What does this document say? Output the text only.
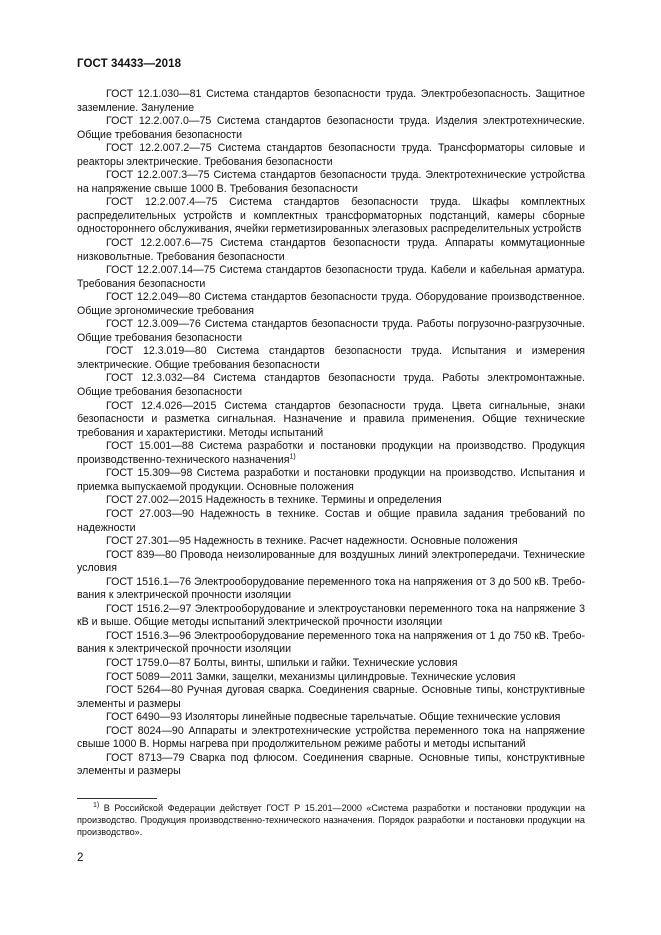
ГОСТ 34433—2018
ГОСТ 12.1.030—81 Система стандартов безопасности труда. Электробезопасность. Защитное заземление. Зануление
ГОСТ 12.2.007.0—75 Система стандартов безопасности труда. Изделия электротехнические. Общие требования безопасности
ГОСТ 12.2.007.2—75 Система стандартов безопасности труда. Трансформаторы силовые и реакторы электрические. Требования безопасности
ГОСТ 12.2.007.3—75 Система стандартов безопасности труда. Электротехнические устройства на напряжение свыше 1000 В. Требования безопасности
ГОСТ 12.2.007.4—75 Система стандартов безопасности труда. Шкафы комплектных распределительных устройств и комплектных трансформаторных подстанций, камеры сборные одностороннего обслуживания, ячейки герметизированных элегазовых распределительных устройств
ГОСТ 12.2.007.6—75 Система стандартов безопасности труда. Аппараты коммутационные низковольтные. Требования безопасности
ГОСТ 12.2.007.14—75 Система стандартов безопасности труда. Кабели и кабельная арматура. Требования безопасности
ГОСТ 12.2.049—80 Система стандартов безопасности труда. Оборудование производственное. Общие эргономические требования
ГОСТ 12.3.009—76 Система стандартов безопасности труда. Работы погрузочно-разгрузочные. Общие требования безопасности
ГОСТ 12.3.019—80 Система стандартов безопасности труда. Испытания и измерения электрические. Общие требования безопасности
ГОСТ 12.3.032—84 Система стандартов безопасности труда. Работы электромонтажные. Общие требования безопасности
ГОСТ 12.4.026—2015 Система стандартов безопасности труда. Цвета сигнальные, знаки безопасности и разметка сигнальная. Назначение и правила применения. Общие технические требования и характеристики. Методы испытаний
ГОСТ 15.001—88 Система разработки и постановки продукции на производство. Продукция производственно-технического назначения$^{1)}$
ГОСТ 15.309—98 Система разработки и постановки продукции на производство. Испытания и приемка выпускаемой продукции. Основные положения
ГОСТ 27.002—2015 Надежность в технике. Термины и определения
ГОСТ 27.003—90 Надежность в технике. Состав и общие правила задания требований по надежности
ГОСТ 27.301—95 Надежность в технике. Расчет надежности. Основные положения
ГОСТ 839—80 Провода неизолированные для воздушных линий электропередачи. Технические условия
ГОСТ 1516.1—76 Электрооборудование переменного тока на напряжения от 3 до 500 кВ. Требования к электрической прочности изоляции
ГОСТ 1516.2—97 Электрооборудование и электроустановки переменного тока на напряжение 3 кВ и выше. Общие методы испытаний электрической прочности изоляции
ГОСТ 1516.3—96 Электрооборудование переменного тока на напряжения от 1 до 750 кВ. Требования к электрической прочности изоляции
ГОСТ 1759.0—87 Болты, винты, шпильки и гайки. Технические условия
ГОСТ 5089—2011 Замки, защелки, механизмы цилиндровые. Технические условия
ГОСТ 5264—80 Ручная дуговая сварка. Соединения сварные. Основные типы, конструктивные элементы и размеры
ГОСТ 6490—93 Изоляторы линейные подвесные тарельчатые. Общие технические условия
ГОСТ 8024—90 Аппараты и электротехнические устройства переменного тока на напряжение свыше 1000 В. Нормы нагрева при продолжительном режиме работы и методы испытаний
ГОСТ 8713—79 Сварка под флюсом. Соединения сварные. Основные типы, конструктивные элементы и размеры

$^{1)}$ В Российской Федерации действует ГОСТ Р 15.201—2000 «Система разработки и постановки продукции на производство. Продукция производственно-технического назначения. Порядок разработки и постановки продукции на производство».

2
